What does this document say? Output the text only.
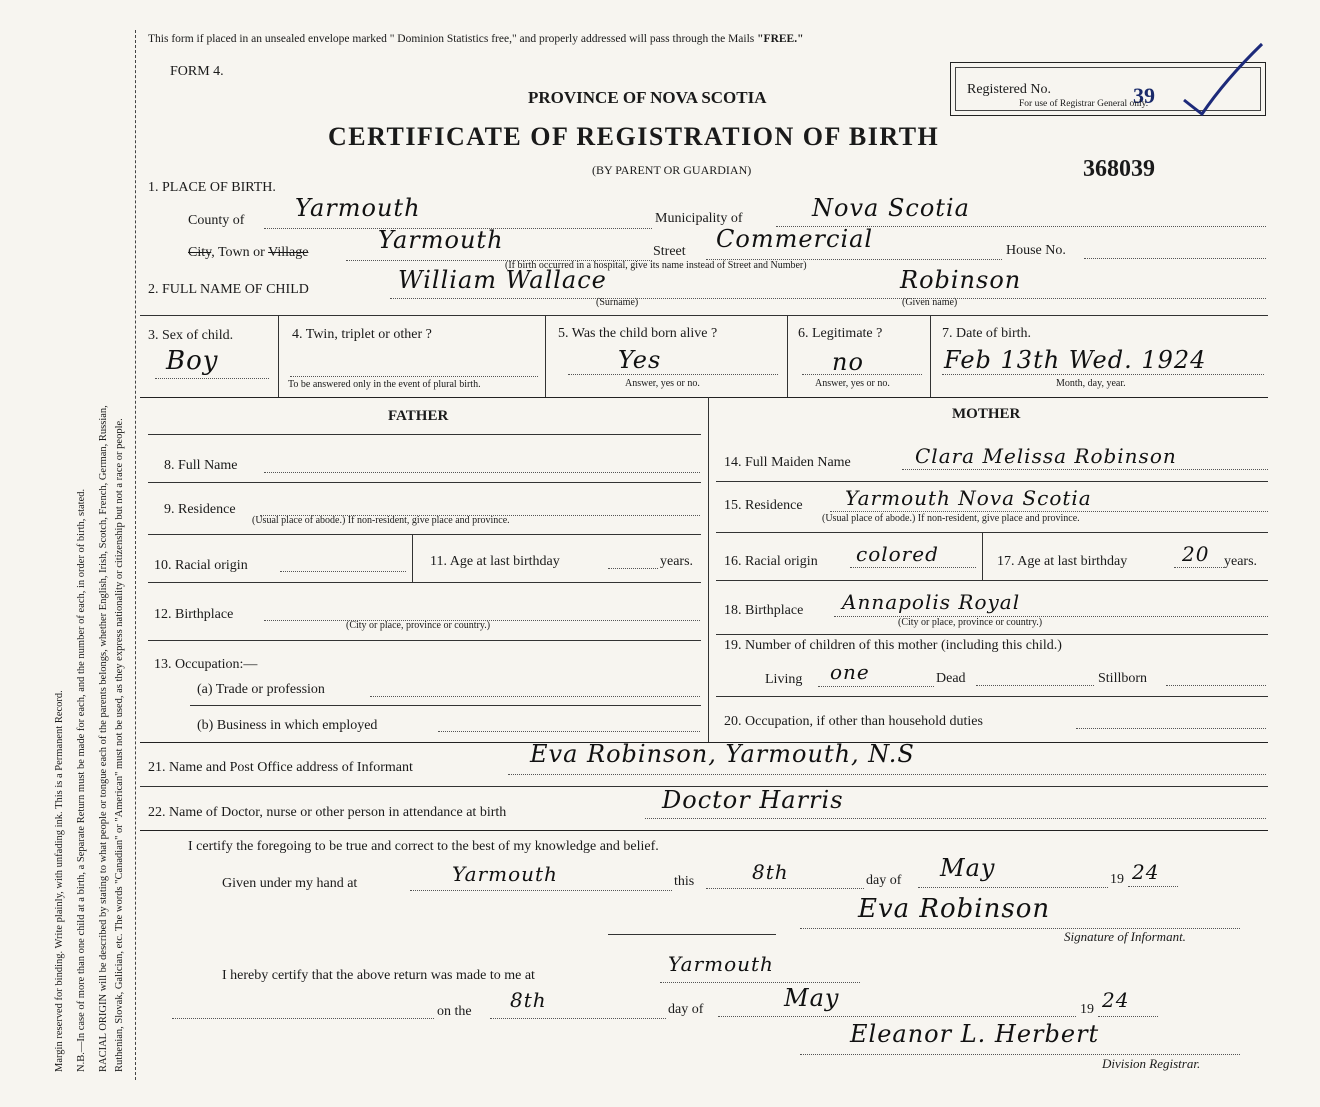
Margin reserved for binding. Write plainly, with unfading ink. This is a Permanent Record. N.B.—In case of more than one child at a birth, a Separate Return must be made for each, and the number of each, in order of birth, stated. RACIAL ORIGIN will be described by stating to what people or tongue each of the parents belongs, whether English, Irish, Scotch, French, German, Russian, Ruthenian, Slovak, Galician, etc. The words "Canadian" or "American" must not be used, as they express nationality or citizenship but not a race or people.
This form if placed in an unsealed envelope marked " Dominion Statistics free," and properly addressed will pass through the Mails "FREE."
FORM 4.
PROVINCE OF NOVA SCOTIA
CERTIFICATE OF REGISTRATION OF BIRTH
(BY PARENT OR GUARDIAN)	368039
Registered No.	39
For use of Registrar General only.
1. PLACE OF BIRTH.
County of Yarmouth	Municipality of	Nova Scotia
City, Town or Village	Yarmouth	Street Commercial	House No.
(If birth occurred in a hospital, give its name instead of Street and Number)
2. FULL NAME OF CHILD	William Wallace	Robinson
(Surname)	(Given name)
3. Sex of child.
Boy
4. Twin, triplet or other ?
To be answered only in the event of plural birth.
5. Was the child born alive ?
Yes
Answer, yes or no.
6. Legitimate ?
no
Answer, yes or no.
7. Date of birth.
Feb 13th Wed. 1924
Month, day, year.
FATHER	MOTHER
8. Full Name
9. Residence
(Usual place of abode.) If non-resident, give place and province.
10. Racial origin	11. Age at last birthday	years.
12. Birthplace
(City or place, province or country.)
13. Occupation:—
(a) Trade or profession
(b) Business in which employed
14. Full Maiden Name	Clara Melissa Robinson
15. Residence Yarmouth Nova Scotia
(Usual place of abode.) If non-resident, give place and province.
16. Racial origin colored	17. Age at last birthday	20 years.
18. Birthplace Annapolis Royal
(City or place, province or country.)
19. Number of children of this mother (including this child.)
Living one	Dead	Stillborn
20. Occupation, if other than household duties
21. Name and Post Office address of Informant	Eva Robinson, Yarmouth, N.S
22. Name of Doctor, nurse or other person in attendance at birth	Doctor Harris
I certify the foregoing to be true and correct to the best of my knowledge and belief.
Given under my hand at	Yarmouth	this	8th	day of May	19 24
Eva Robinson
Signature of Informant.
I hereby certify that the above return was made to me at	Yarmouth
on the 8th	day of	May	19 24
Eleanor L. Herbert
Division Registrar.
